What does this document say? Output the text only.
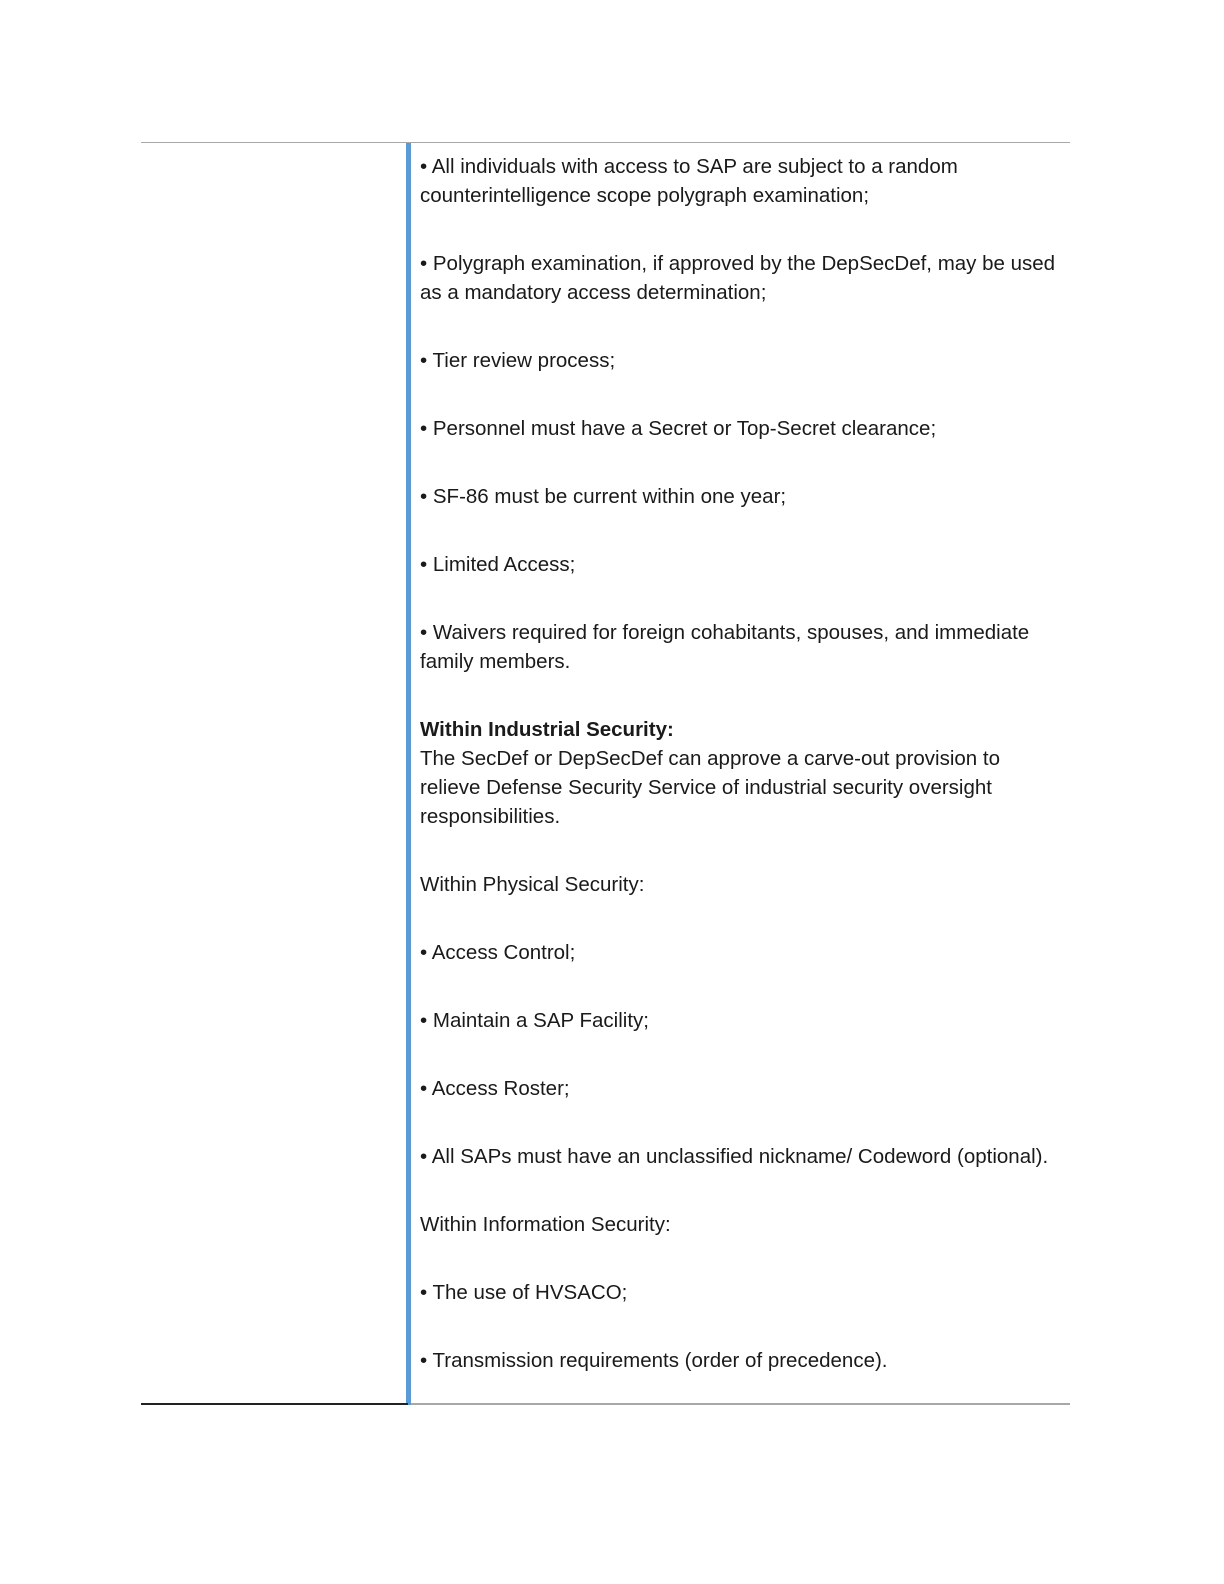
• All individuals with access to SAP are subject to a random counterintelligence scope polygraph examination;

• Polygraph examination, if approved by the DepSecDef, may be used as a mandatory access determination;

• Tier review process;

• Personnel must have a Secret or Top-Secret clearance;

• SF-86 must be current within one year;

• Limited Access;

• Waivers required for foreign cohabitants, spouses, and immediate family members.

Within Industrial Security:
The SecDef or DepSecDef can approve a carve-out provision to relieve Defense Security Service of industrial security oversight responsibilities.

Within Physical Security:

• Access Control;

• Maintain a SAP Facility;

• Access Roster;

• All SAPs must have an unclassified nickname/ Codeword (optional).

Within Information Security:

• The use of HVSACO;

• Transmission requirements (order of precedence).
